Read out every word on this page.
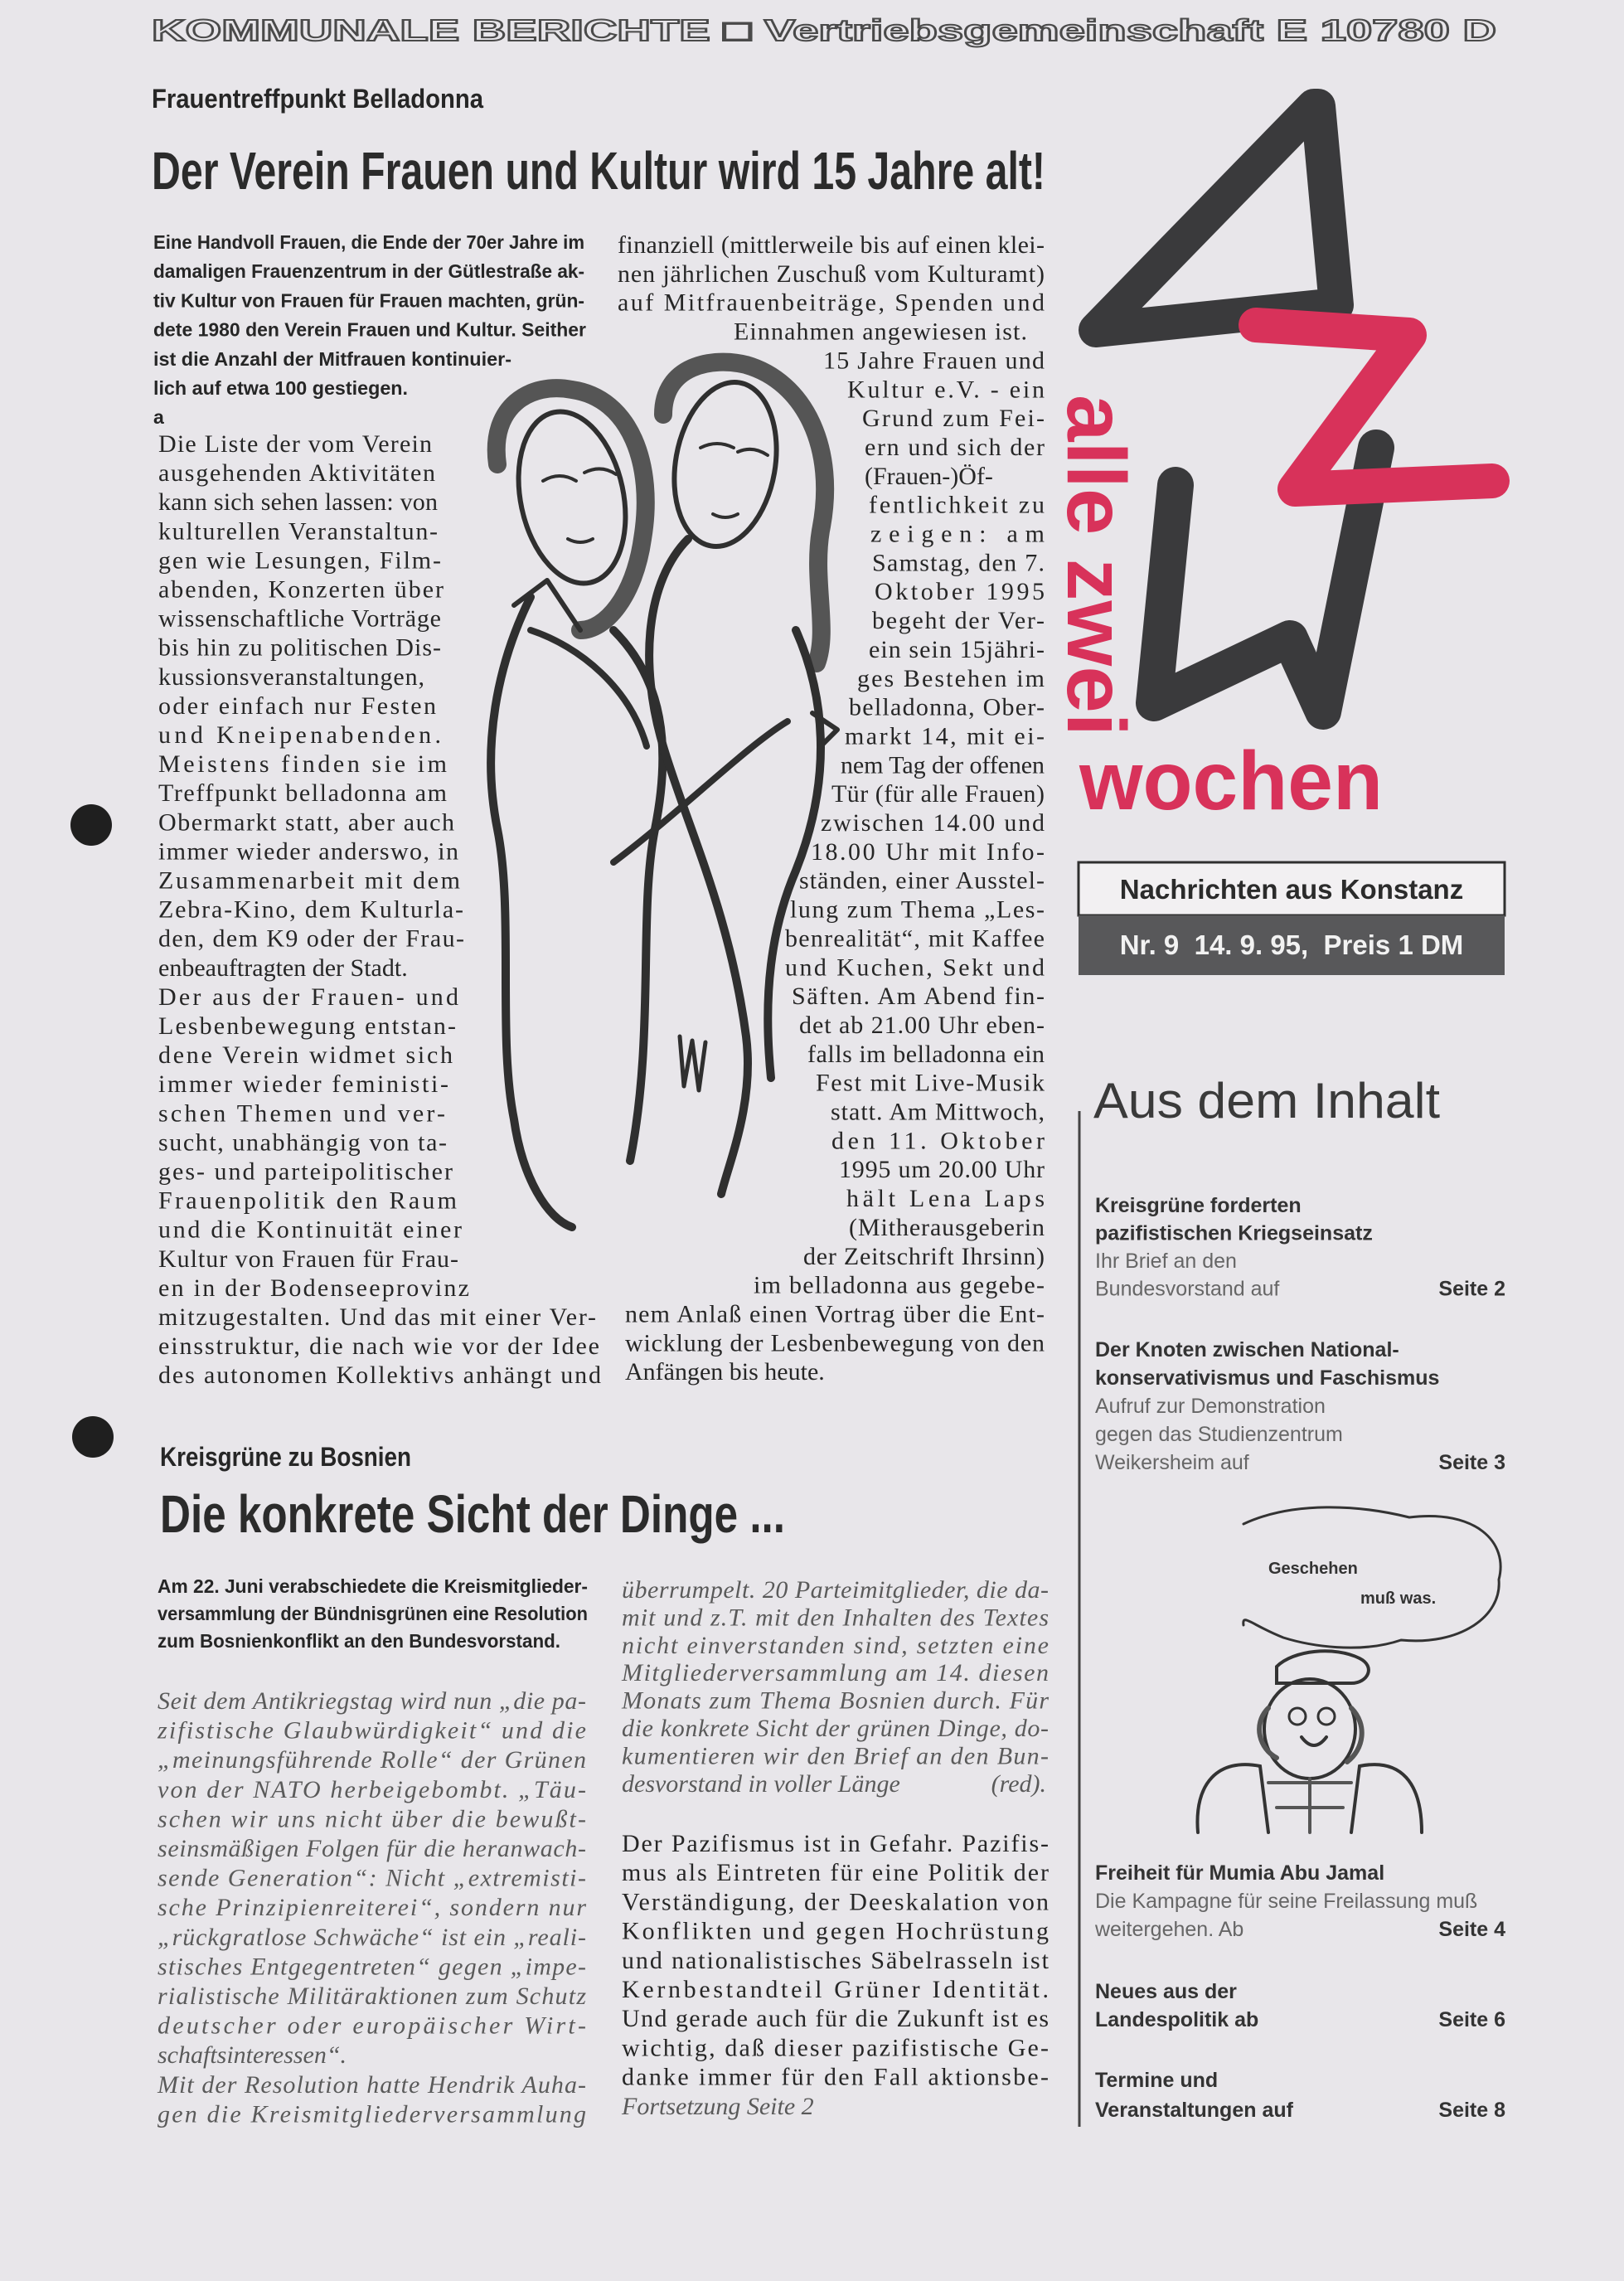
KOMMUNALE BERICHTE □ Vertriebsgemeinschaft E 10780 D
Frauentreffpunkt Belladonna
Der Verein Frauen und Kultur wird 15 Jahre alt!
Eine Handvoll Frauen, die Ende der 70er Jahre im
damaligen Frauenzentrum in der Gütlestraße ak-
tiv Kultur von Frauen für Frauen machten, grün-
dete 1980 den Verein Frauen und Kultur. Seither
ist die Anzahl der Mitfrauen kontinuier-
lich auf etwa 100 gestiegen.
a
Die Liste der vom Verein
ausgehenden Aktivitäten
kann sich sehen lassen: von
kulturellen Veranstaltun-
gen wie Lesungen, Film-
abenden, Konzerten über
wissenschaftliche Vorträge
bis hin zu politischen Dis-
kussionsveranstaltungen,
oder einfach nur Festen
und Kneipenabenden.
Meistens finden sie im
Treffpunkt belladonna am
Obermarkt statt, aber auch
immer wieder anderswo, in
Zusammenarbeit mit dem
Zebra-Kino, dem Kulturla-
den, dem K9 oder der Frau-
enbeauftragten der Stadt.
Der aus der Frauen- und
Lesbenbewegung entstan-
dene Verein widmet sich
immer wieder feministi-
schen Themen und ver-
sucht, unabhängig von ta-
ges- und parteipolitischer
Frauenpolitik den Raum
und die Kontinuität einer
Kultur von Frauen für Frau-
en in der Bodenseeprovinz
mitzugestalten. Und das mit einer Ver-
einsstruktur, die nach wie vor der Idee
des autonomen Kollektivs anhängt und
finanziell (mittlerweile bis auf einen klei-
nen jährlichen Zuschuß vom Kulturamt)
auf Mitfrauenbeiträge, Spenden und
Einnahmen angewiesen ist.
15 Jahre Frauen und
Kultur e.V. - ein
Grund zum Fei-
ern und sich der
(Frauen-)Öf-
fentlichkeit zu
zeigen: am
Samstag, den 7.
Oktober 1995
begeht der Ver-
ein sein 15jähri-
ges Bestehen im
belladonna, Ober-
markt 14, mit ei-
nem Tag der offenen
Tür (für alle Frauen)
zwischen 14.00 und
18.00 Uhr mit Info-
ständen, einer Ausstel-
lung zum Thema „Les-
benrealität“, mit Kaffee
und Kuchen, Sekt und
Säften. Am Abend fin-
det ab 21.00 Uhr eben-
falls im belladonna ein
Fest mit Live-Musik
statt. Am Mittwoch,
den 11. Oktober
1995 um 20.00 Uhr
hält Lena Laps
(Mitherausgeberin
der Zeitschrift Ihrsinn)
im belladonna aus gegebe-
nem Anlaß einen Vortrag über die Ent-
wicklung der Lesbenbewegung von den
Anfängen bis heute.
alle zwei
wochen
Nachrichten aus Konstanz
Nr. 9  14. 9. 95,  Preis 1 DM
Aus dem Inhalt
Kreisgrüne forderten
pazifistischen Kriegseinsatz
Ihr Brief an den
Bundesvorstand auf	Seite 2
Der Knoten zwischen National-
konservativismus und Faschismus
Aufruf zur Demonstration
gegen das Studienzentrum
Weikersheim auf	Seite 3
Freiheit für Mumia Abu Jamal
Die Kampagne für seine Freilassung muß
weitergehen. Ab	Seite 4
Neues aus der
Landespolitik ab	Seite 6
Termine und
Veranstaltungen auf	Seite 8
Geschehen
muß was.
Kreisgrüne zu Bosnien
Die konkrete Sicht der Dinge ...
Am 22. Juni verabschiedete die Kreismitglieder-
versammlung der Bündnisgrünen eine Resolution
zum Bosnienkonflikt an den Bundesvorstand.
Seit dem Antikriegstag wird nun „die pa-
zifistische Glaubwürdigkeit“ und die
„meinungsführende Rolle“ der Grünen
von der NATO herbeigebombt. „Täu-
schen wir uns nicht über die bewußt-
seinsmäßigen Folgen für die heranwach-
sende Generation“: Nicht „extremisti-
sche Prinzipienreiterei“, sondern nur
„rückgratlose Schwäche“ ist ein „reali-
stisches Entgegentreten“ gegen „impe-
rialistische Militäraktionen zum Schutz
deutscher oder europäischer Wirt-
schaftsinteressen“.
Mit der Resolution hatte Hendrik Auha-
gen die Kreismitgliederversammlung
überrumpelt. 20 Parteimitglieder, die da-
mit und z.T. mit den Inhalten des Textes
nicht einverstanden sind, setzten eine
Mitgliederversammlung am 14. diesen
Monats zum Thema Bosnien durch. Für
die konkrete Sicht der grünen Dinge, do-
kumentieren wir den Brief an den Bun-
desvorstand in voller Länge
Der Pazifismus ist in Gefahr. Pazifis-
mus als Eintreten für eine Politik der
Verständigung, der Deeskalation von
Konflikten und gegen Hochrüstung
und nationalistisches Säbelrasseln ist
Kernbestandteil Grüner Identität.
Und gerade auch für die Zukunft ist es
wichtig, daß dieser pazifistische Ge-
danke immer für den Fall aktionsbe-
(red).
Fortsetzung Seite 2
